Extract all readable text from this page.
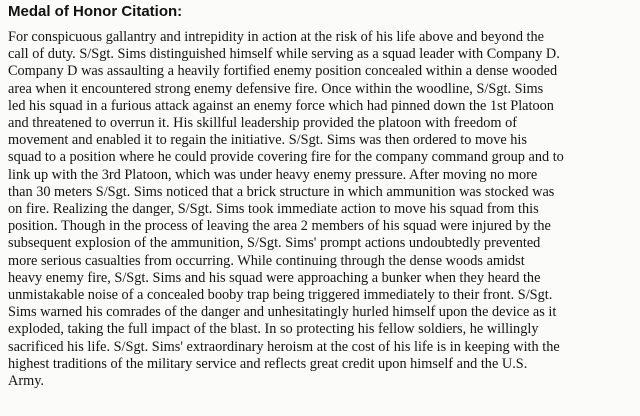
Medal of Honor Citation:
For conspicuous gallantry and intrepidity in action at the risk of his life above and beyond the
call of duty. S/Sgt. Sims distinguished himself while serving as a squad leader with Company D.
Company D was assaulting a heavily fortified enemy position concealed within a dense wooded
area when it encountered strong enemy defensive fire. Once within the woodline, S/Sgt. Sims
led his squad in a furious attack against an enemy force which had pinned down the 1st Platoon
and threatened to overrun it. His skillful leadership provided the platoon with freedom of
movement and enabled it to regain the initiative. S/Sgt. Sims was then ordered to move his
squad to a position where he could provide covering fire for the company command group and to
link up with the 3rd Platoon, which was under heavy enemy pressure. After moving no more
than 30 meters S/Sgt. Sims noticed that a brick structure in which ammunition was stocked was
on fire. Realizing the danger, S/Sgt. Sims took immediate action to move his squad from this
position. Though in the process of leaving the area 2 members of his squad were injured by the
subsequent explosion of the ammunition, S/Sgt. Sims' prompt actions undoubtedly prevented
more serious casualties from occurring. While continuing through the dense woods amidst
heavy enemy fire, S/Sgt. Sims and his squad were approaching a bunker when they heard the
unmistakable noise of a concealed booby trap being triggered immediately to their front. S/Sgt.
Sims warned his comrades of the danger and unhesitatingly hurled himself upon the device as it
exploded, taking the full impact of the blast. In so protecting his fellow soldiers, he willingly
sacrificed his life. S/Sgt. Sims' extraordinary heroism at the cost of his life is in keeping with the
highest traditions of the military service and reflects great credit upon himself and the U.S.
Army.
